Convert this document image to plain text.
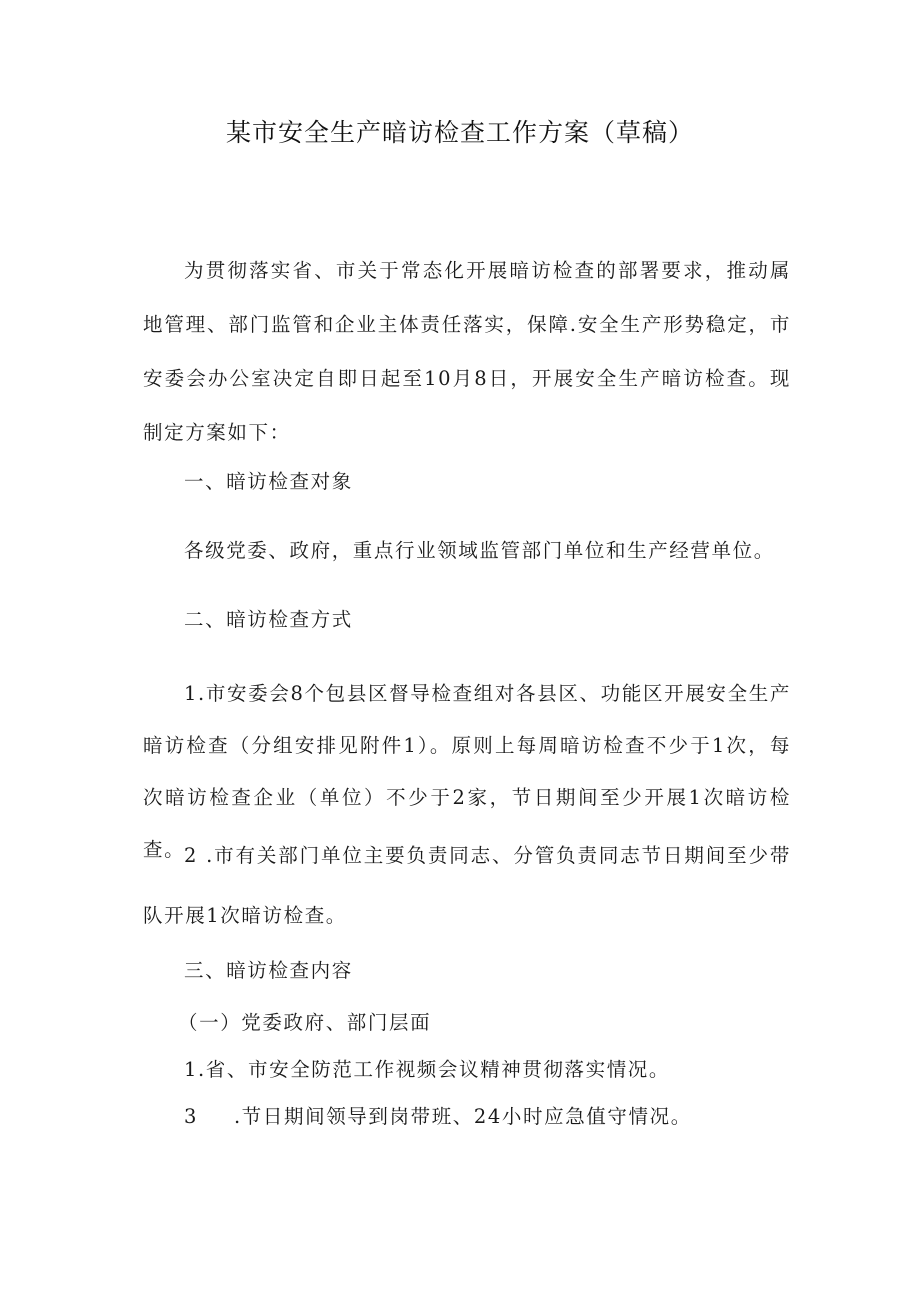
某市安全生产暗访检查工作方案（草稿）
为贯彻落实省、市关于常态化开展暗访检查的部署要求，推动属地管理、部门监管和企业主体责任落实，保障.安全生产形势稳定，市安委会办公室决定自即日起至10月8日，开展安全生产暗访检查。现制定方案如下：
一、暗访检查对象
各级党委、政府，重点行业领域监管部门单位和生产经营单位。
二、暗访检查方式
1.市安委会8个包县区督导检查组对各县区、功能区开展安全生产暗访检查（分组安排见附件1）。原则上每周暗访检查不少于1次，每次暗访检查企业（单位）不少于2家，节日期间至少开展1次暗访检查。
2 .市有关部门单位主要负责同志、分管负责同志节日期间至少带队开展1次暗访检查。
三、暗访检查内容
（一）党委政府、部门层面
1.省、市安全防范工作视频会议精神贯彻落实情况。
3 .节日期间领导到岗带班、24小时应急值守情况。
